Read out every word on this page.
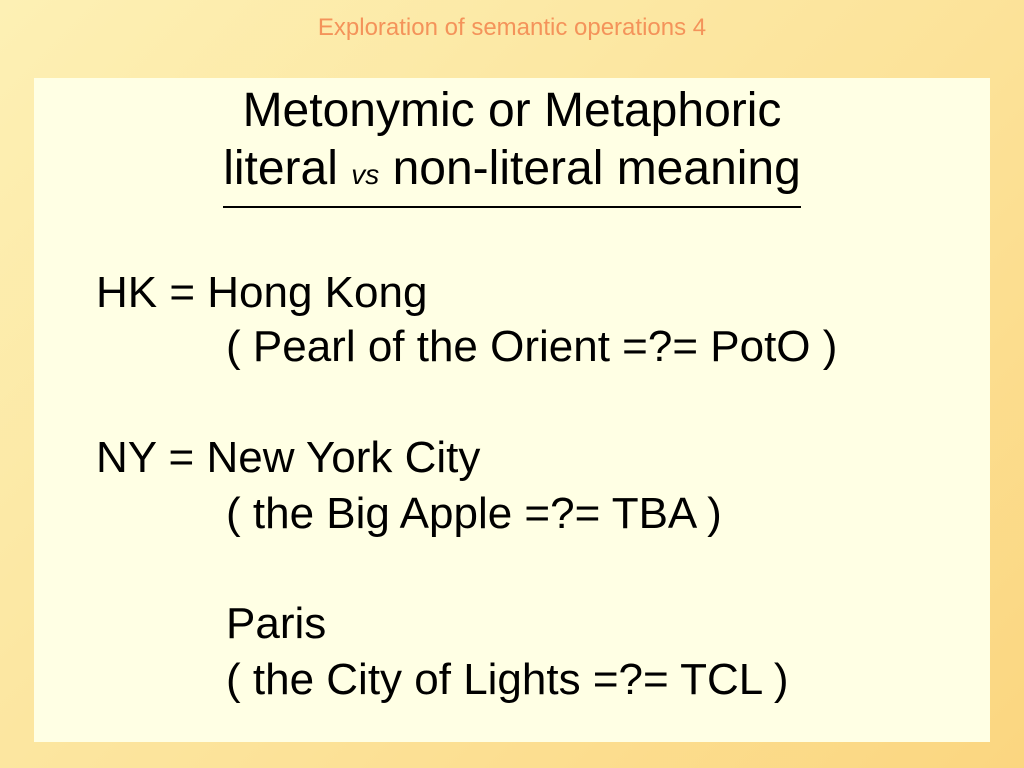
Exploration of semantic operations 4
Metonymic or Metaphoric
literal vs non-literal meaning
HK = Hong Kong
( Pearl of the Orient =?= PotO )
NY = New York City
( the Big Apple =?= TBA )
Paris
( the City of Lights =?= TCL )
